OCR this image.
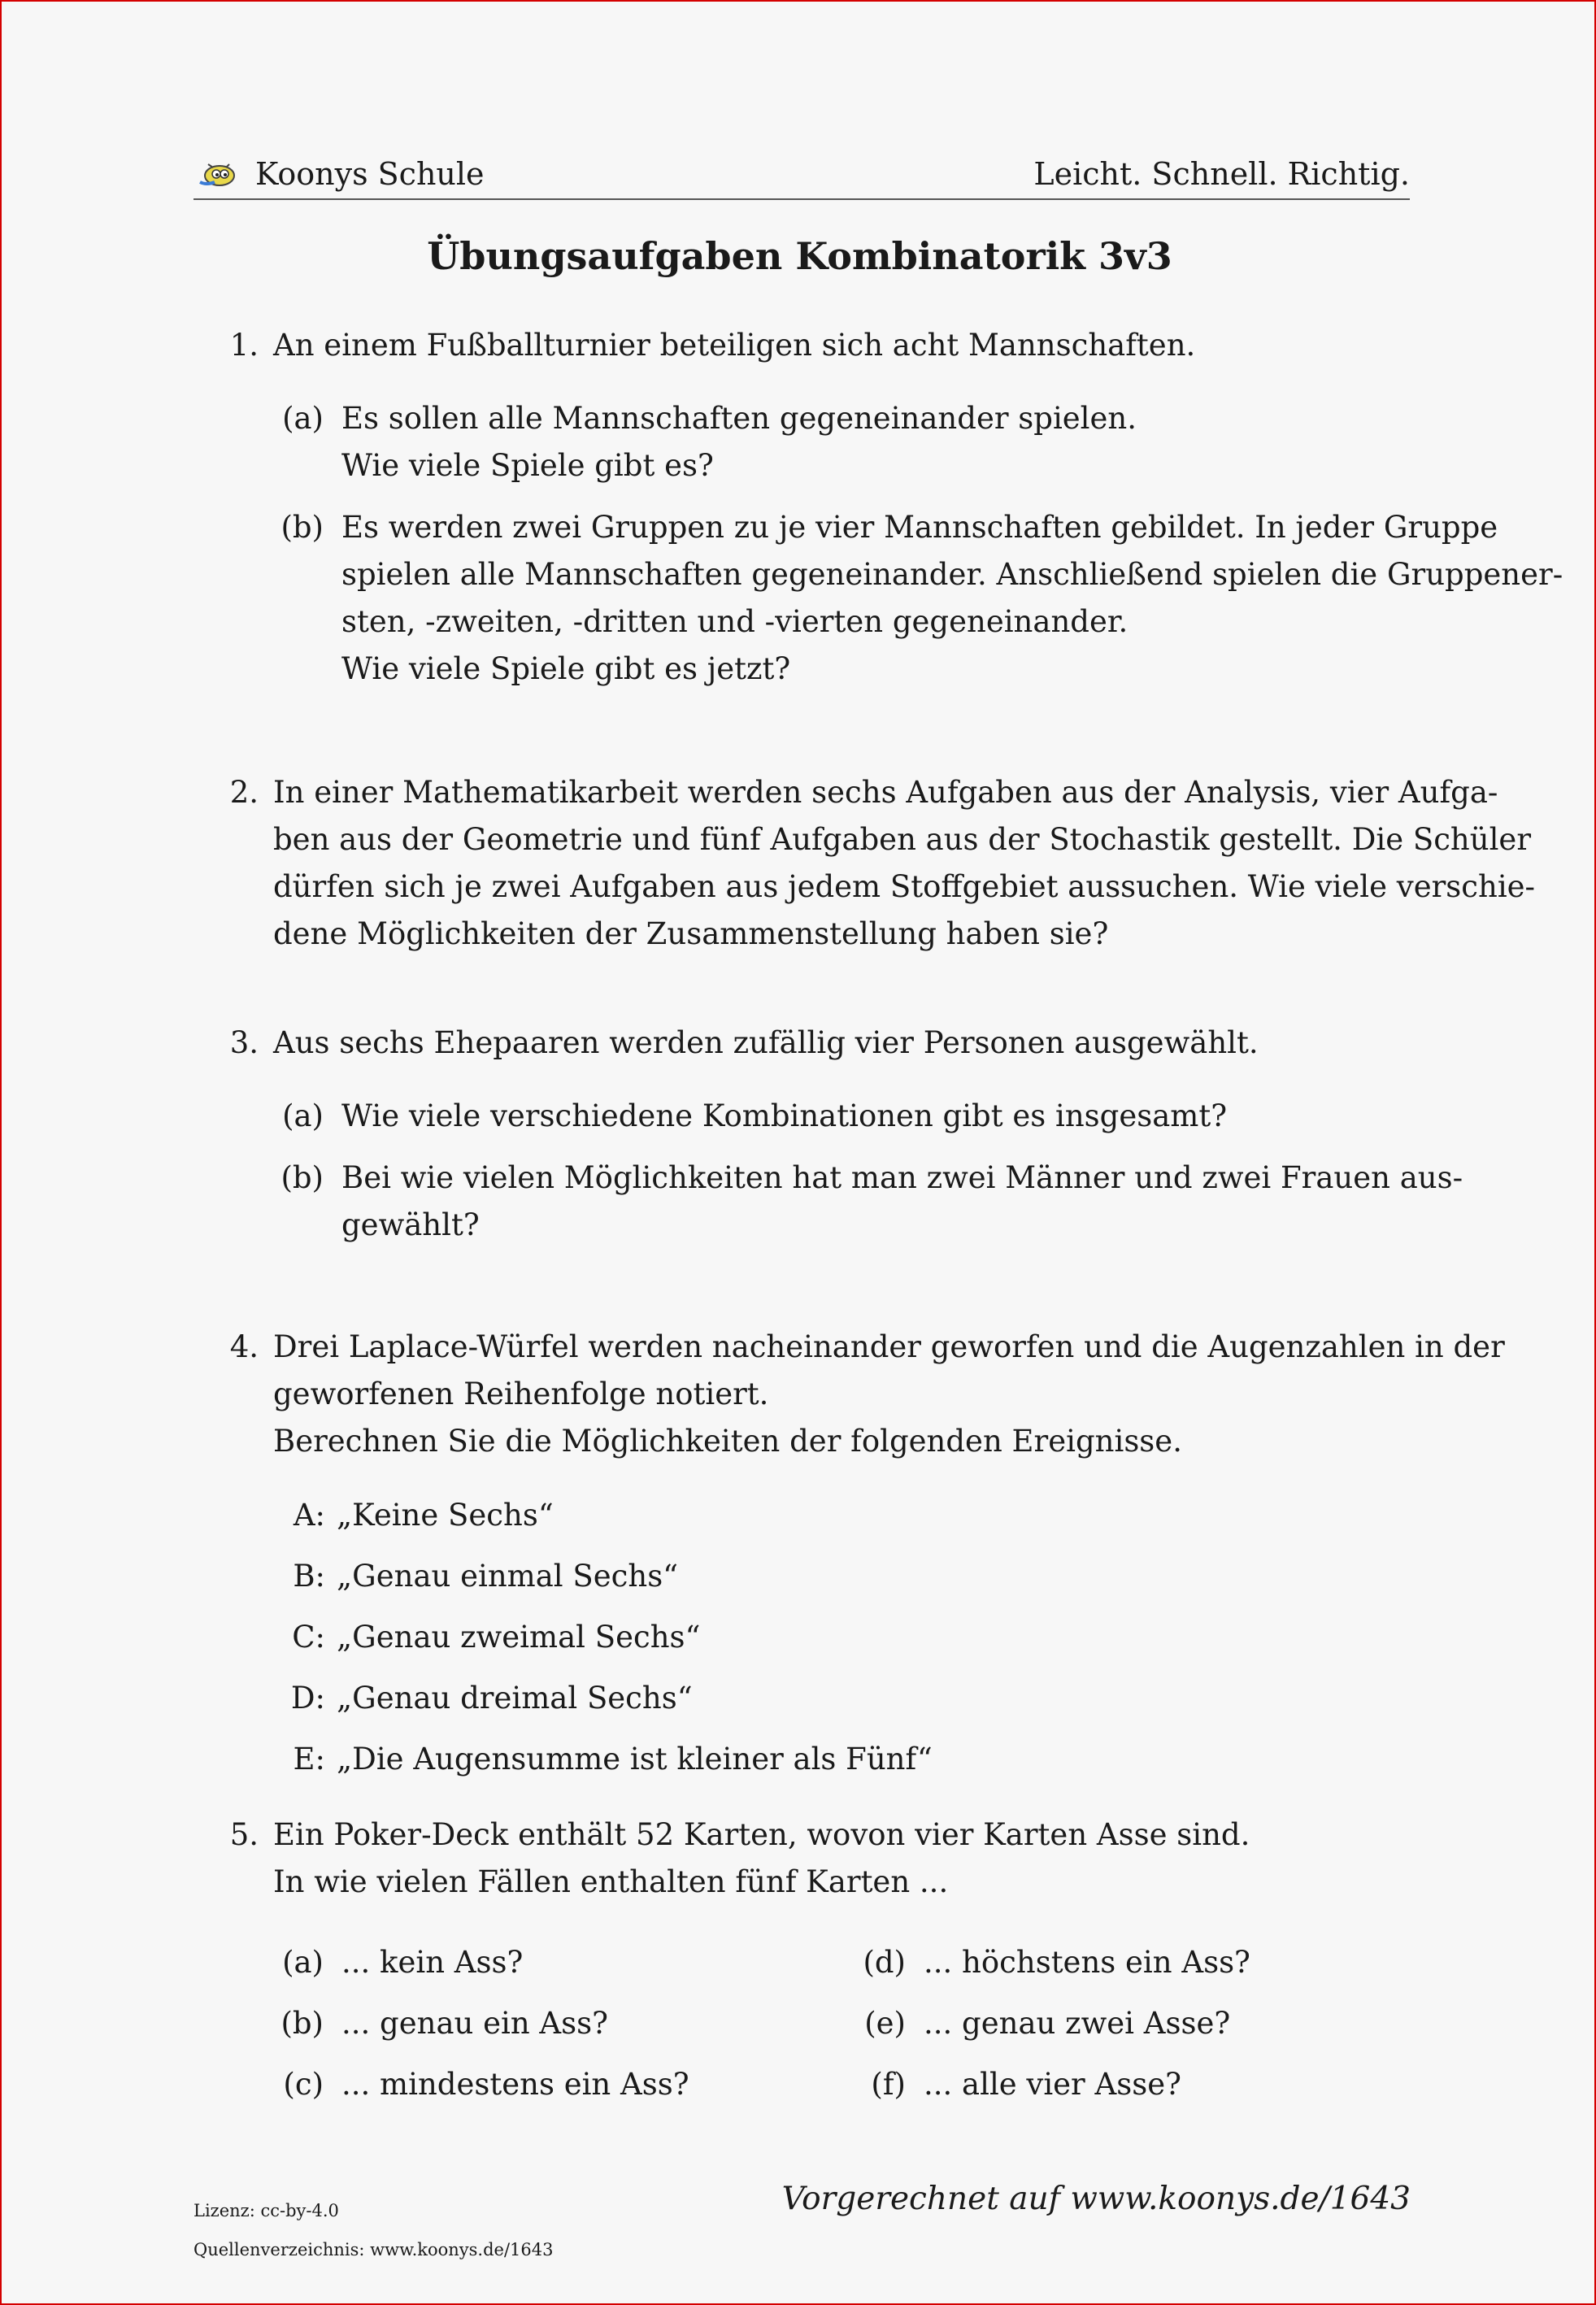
Koonys Schule	Leicht. Schnell. Richtig.
Übungsaufgaben Kombinatorik 3v3
1. An einem Fußballturnier beteiligen sich acht Mannschaften.
(a) Es sollen alle Mannschaften gegeneinander spielen.
Wie viele Spiele gibt es?
(b) Es werden zwei Gruppen zu je vier Mannschaften gebildet. In jeder Gruppe
spielen alle Mannschaften gegeneinander. Anschließend spielen die Gruppener-
sten, -zweiten, -dritten und -vierten gegeneinander.
Wie viele Spiele gibt es jetzt?
2. In einer Mathematikarbeit werden sechs Aufgaben aus der Analysis, vier Aufga-
ben aus der Geometrie und fünf Aufgaben aus der Stochastik gestellt. Die Schüler
dürfen sich je zwei Aufgaben aus jedem Stoffgebiet aussuchen. Wie viele verschie-
dene Möglichkeiten der Zusammenstellung haben sie?
3. Aus sechs Ehepaaren werden zufällig vier Personen ausgewählt.
(a) Wie viele verschiedene Kombinationen gibt es insgesamt?
(b) Bei wie vielen Möglichkeiten hat man zwei Männer und zwei Frauen aus-
gewählt?
4. Drei Laplace-Würfel werden nacheinander geworfen und die Augenzahlen in der
geworfenen Reihenfolge notiert.
Berechnen Sie die Möglichkeiten der folgenden Ereignisse.
A: „Keine Sechs“
B: „Genau einmal Sechs“
C: „Genau zweimal Sechs“
D: „Genau dreimal Sechs“
E: „Die Augensumme ist kleiner als Fünf“
5. Ein Poker-Deck enthält 52 Karten, wovon vier Karten Asse sind.
In wie vielen Fällen enthalten fünf Karten ...
(a) ... kein Ass?
(b) ... genau ein Ass?
(c) ... mindestens ein Ass?
(d) ... höchstens ein Ass?
(e) ... genau zwei Asse?
(f) ... alle vier Asse?
Lizenz: cc-by-4.0
Quellenverzeichnis: www.koonys.de/1643
Vorgerechnet auf www.koonys.de/1643
